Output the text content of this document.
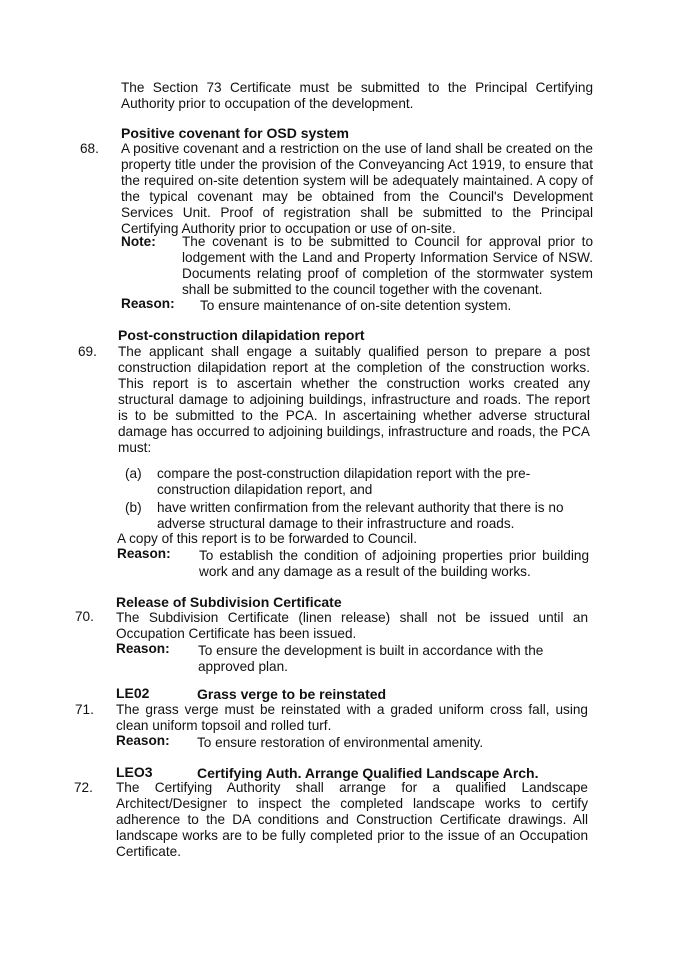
The Section 73 Certificate must be submitted to the Principal Certifying Authority prior to occupation of the development.
Positive covenant for OSD system
68. A positive covenant and a restriction on the use of land shall be created on the property title under the provision of the Conveyancing Act 1919, to ensure that the required on-site detention system will be adequately maintained. A copy of the typical covenant may be obtained from the Council's Development Services Unit. Proof of registration shall be submitted to the Principal Certifying Authority prior to occupation or use of on-site.
Note: The covenant is to be submitted to Council for approval prior to lodgement with the Land and Property Information Service of NSW. Documents relating proof of completion of the stormwater system shall be submitted to the council together with the covenant.
Reason: To ensure maintenance of on-site detention system.
Post-construction dilapidation report
69. The applicant shall engage a suitably qualified person to prepare a post construction dilapidation report at the completion of the construction works. This report is to ascertain whether the construction works created any structural damage to adjoining buildings, infrastructure and roads. The report is to be submitted to the PCA. In ascertaining whether adverse structural damage has occurred to adjoining buildings, infrastructure and roads, the PCA must:
(a) compare the post-construction dilapidation report with the pre-
construction dilapidation report, and
(b) have written confirmation from the relevant authority that there is no
adverse structural damage to their infrastructure and roads.
A copy of this report is to be forwarded to Council.
Reason: To establish the condition of adjoining properties prior building work and any damage as a result of the building works.
Release of Subdivision Certificate
70. The Subdivision Certificate (linen release) shall not be issued until an Occupation Certificate has been issued.
Reason: To ensure the development is built in accordance with the approved plan.
LE02	Grass verge to be reinstated
71. The grass verge must be reinstated with a graded uniform cross fall, using clean uniform topsoil and rolled turf.
Reason: To ensure restoration of environmental amenity.
LEO3	Certifying Auth. Arrange Qualified Landscape Arch.
72. The Certifying Authority shall arrange for a qualified Landscape Architect/Designer to inspect the completed landscape works to certify adherence to the DA conditions and Construction Certificate drawings. All landscape works are to be fully completed prior to the issue of an Occupation Certificate.
